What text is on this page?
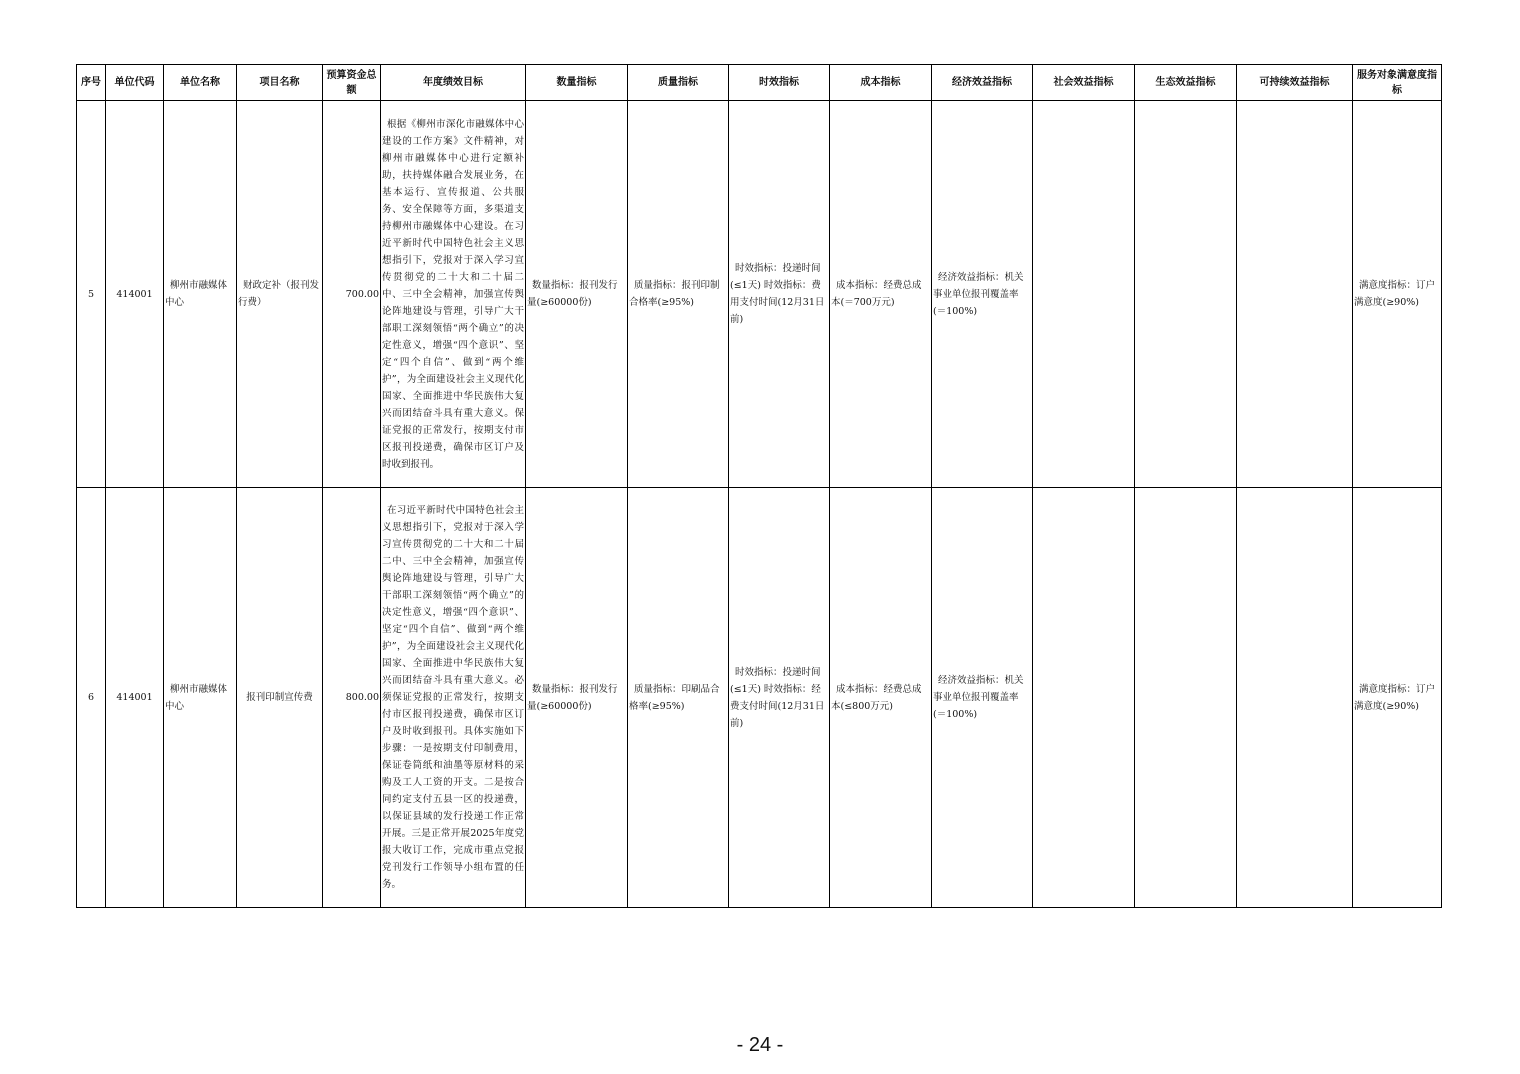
序号	单位代码	单位名称	项目名称	预算资金总额	年度绩效目标	数量指标	质量指标	时效指标	成本指标	经济效益指标	社会效益指标	生态效益指标	可持续效益指标	服务对象满意度指标
5	414001	柳州市融媒体中心	财政定补（报刊发行费）	700.00	根据《柳州市深化市融媒体中心建设的工作方案》文件精神，对柳州市融媒体中心进行定额补助，扶持媒体融合发展业务，在基本运行、宣传报道、公共服务、安全保障等方面，多渠道支持柳州市融媒体中心建设。在习近平新时代中国特色社会主义思想指引下，党报对于深入学习宣传贯彻党的二十大和二十届二中、三中全会精神，加强宣传舆论阵地建设与管理，引导广大干部职工深刻领悟“两个确立”的决定性意义，增强“四个意识”、坚定“四个自信”、做到“两个维护”，为全面建设社会主义现代化国家、全面推进中华民族伟大复兴而团结奋斗具有重大意义。保证党报的正常发行，按期支付市区报刊投递费，确保市区订户及时收到报刊。	数量指标：报刊发行量(≥60000份)	质量指标：报刊印制合格率(≥95%)	时效指标：投递时间(≤1天) 时效指标：费用支付时间(12月31日前)	成本指标：经费总成本(＝700万元)	经济效益指标：机关事业单位报刊覆盖率(＝100%)				满意度指标：订户满意度(≥90%)

6	414001	柳州市融媒体中心	报刊印制宣传费	800.00	在习近平新时代中国特色社会主义思想指引下，党报对于深入学习宣传贯彻党的二十大和二十届二中、三中全会精神，加强宣传舆论阵地建设与管理，引导广大干部职工深刻领悟“两个确立”的决定性意义，增强“四个意识”、坚定“四个自信”、做到“两个维护”，为全面建设社会主义现代化国家、全面推进中华民族伟大复兴而团结奋斗具有重大意义。必须保证党报的正常发行，按期支付市区报刊投递费，确保市区订户及时收到报刊。具体实施如下步骤：一是按期支付印制费用，保证卷筒纸和油墨等原材料的采购及工人工资的开支。二是按合同约定支付五县一区的投递费，以保证县域的发行投递工作正常开展。三是正常开展2025年度党报大收订工作，完成市重点党报党刊发行工作领导小组布置的任务。	数量指标：报刊发行量(≥60000份)	质量指标：印刷品合格率(≥95%)	时效指标：投递时间(≤1天) 时效指标：经费支付时间(12月31日前)	成本指标：经费总成本(≤800万元)	经济效益指标：机关事业单位报刊覆盖率(＝100%)				满意度指标：订户满意度(≥90%)
- 24 -
